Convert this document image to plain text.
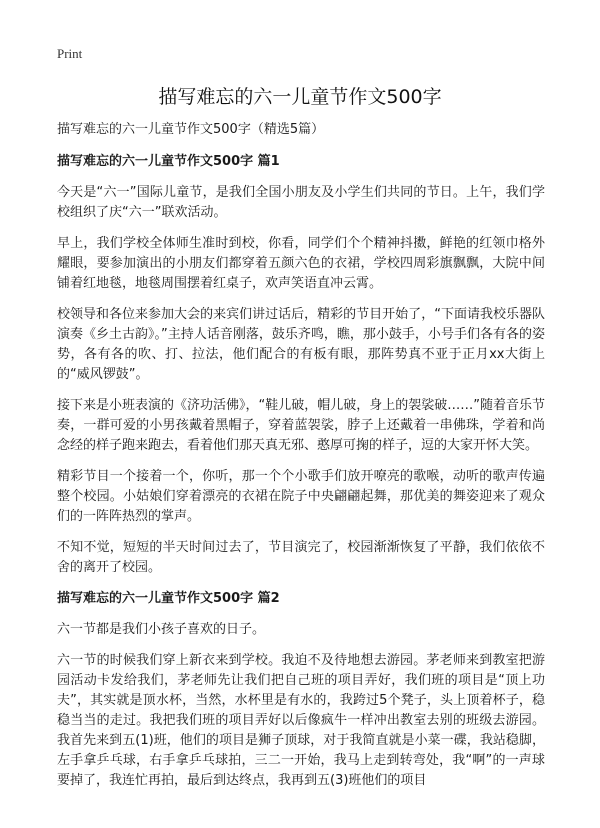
Print
描写难忘的六一儿童节作文500字

描写难忘的六一儿童节作文500字（精选5篇）

描写难忘的六一儿童节作文500字 篇1

今天是“六一”国际儿童节，是我们全国小朋友及小学生们共同的节日。上午，我们学校组织了庆“六一”联欢活动。

早上，我们学校全体师生准时到校，你看，同学们个个精神抖擞，鲜艳的红领巾格外耀眼，要参加演出的小朋友们都穿着五颜六色的衣裙，学校四周彩旗飘飘，大院中间铺着红地毯，地毯周围摆着红桌子，欢声笑语直冲云霄。

校领导和各位来参加大会的来宾们讲过话后，精彩的节目开始了，“下面请我校乐器队演奏《乡土古韵》。”主持人话音刚落，鼓乐齐鸣，瞧，那小鼓手，小号手们各有各的姿势，各有各的吹、打、拉法，他们配合的有板有眼，那阵势真不亚于正月xx大街上的“威风锣鼓”。

接下来是小班表演的《济功活佛》，“鞋儿破，帽儿破，身上的袈裟破……”随着音乐节奏，一群可爱的小男孩戴着黑帽子，穿着蓝袈裟，脖子上还戴着一串佛珠，学着和尚念经的样子跑来跑去，看着他们那天真无邪、憨厚可掬的样子，逗的大家开怀大笑。

精彩节目一个接着一个，你听，那一个个小歌手们放开嘹亮的歌喉，动听的歌声传遍整个校园。小姑娘们穿着漂亮的衣裙在院子中央翩翩起舞，那优美的舞姿迎来了观众们的一阵阵热烈的掌声。

不知不觉，短短的半天时间过去了，节目演完了，校园渐渐恢复了平静，我们依依不舍的离开了校园。

描写难忘的六一儿童节作文500字 篇2

六一节都是我们小孩子喜欢的日子。

六一节的时候我们穿上新衣来到学校。我迫不及待地想去游园。茅老师来到教室把游园活动卡发给我们，茅老师先让我们把自己班的项目弄好，我们班的项目是“顶上功夫”，其实就是顶水杯，当然，水杯里是有水的，我跨过5个凳子，头上顶着杯子，稳稳当当的走过。我把我们班的项目弄好以后像疯牛一样冲出教室去别的班级去游园。我首先来到五(1)班，他们的项目是狮子顶球，对于我简直就是小菜一碟，我站稳脚，左手拿乒乓球，右手拿乒乓球拍，三二一开始，我马上走到转弯处，我“啊”的一声球要掉了，我连忙再拍，最后到达终点，我再到五(3)班他们的项目
